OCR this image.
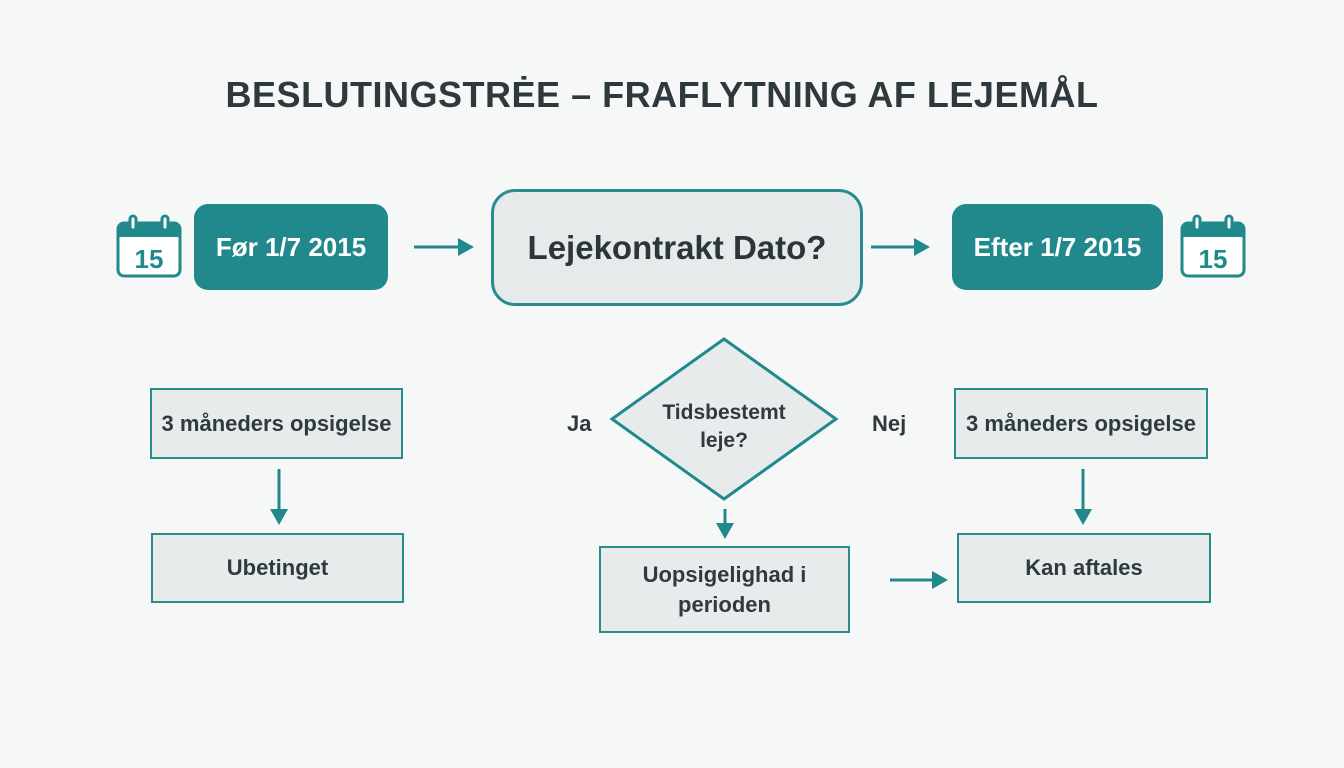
BESLUTINGSTRĖE – FRAFLYTNING AF LEJEMÅL
15	15
Før 1/7 2015	Lejekontrakt Dato?	Efter 1/7 2015
Tidsbestemt
leje?
Ja	Nej
3 måneders opsigelse
Ubetinget	Uopsigelighad i
perioden
3 måneders opsigelse
Kan aftales
